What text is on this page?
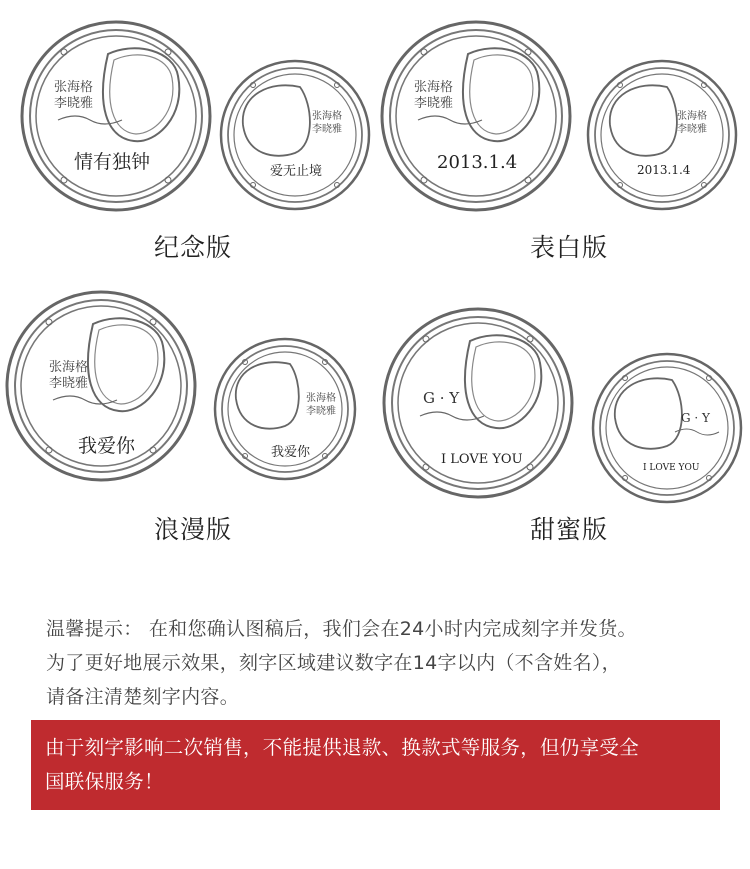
张海格
李晓雅
情有独钟
张海格
李晓雅
爱无止境
纪念版
张海格
李晓雅
2013.1.4
张海格
李晓雅
2013.1.4
表白版
张海格
李晓雅
我爱你
张海格
李晓雅
我爱你
浪漫版
G · Y
I LOVE YOU
G · Y
I LOVE YOU
甜蜜版

温馨提示： 在和您确认图稿后，我们会在24小时内完成刻字并发货。

为了更好地展示效果，刻字区域建议数字在14字以内（不含姓名），

请备注清楚刻字内容。

由于刻字影响二次销售，不能提供退款、换款式等服务，但仍享受全

国联保服务！
